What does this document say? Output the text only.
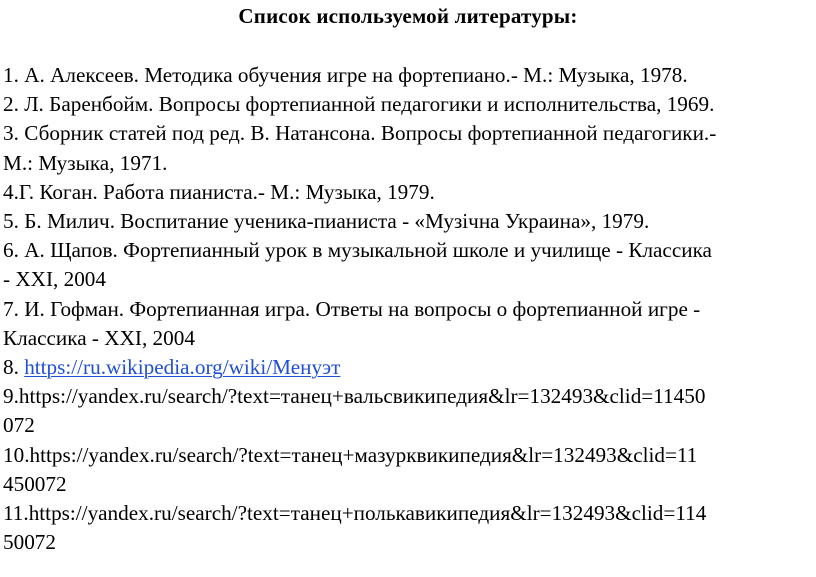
Список используемой литературы:
1. А. Алексеев. Методика обучения игре на фортепиано.- М.: Музыка, 1978.
2. Л. Баренбойм. Вопросы фортепианной педагогики и исполнительства, 1969.
3. Сборник статей под ред. В. Натансона. Вопросы фортепианной педагогики.-
М.: Музыка, 1971.
4.Г. Коган. Работа пианиста.- М.: Музыка, 1979.
5. Б. Милич. Воспитание ученика-пианиста - «Музічна Украина», 1979.
6. А. Щапов. Фортепианный урок в музыкальной школе и училище - Классика
- XXI, 2004
7. И. Гофман. Фортепианная игра. Ответы на вопросы о фортепианной игре -
Классика - XXI, 2004
8. https://ru.wikipedia.org/wiki/Менуэт
9.https://yandex.ru/search/?text=танец+вальсвикипедия&lr=132493&clid=11450
072
10.https://yandex.ru/search/?text=танец+мазурквикипедия&lr=132493&clid=11
450072
11.https://yandex.ru/search/?text=танец+полькавикипедия&lr=132493&clid=114
50072
